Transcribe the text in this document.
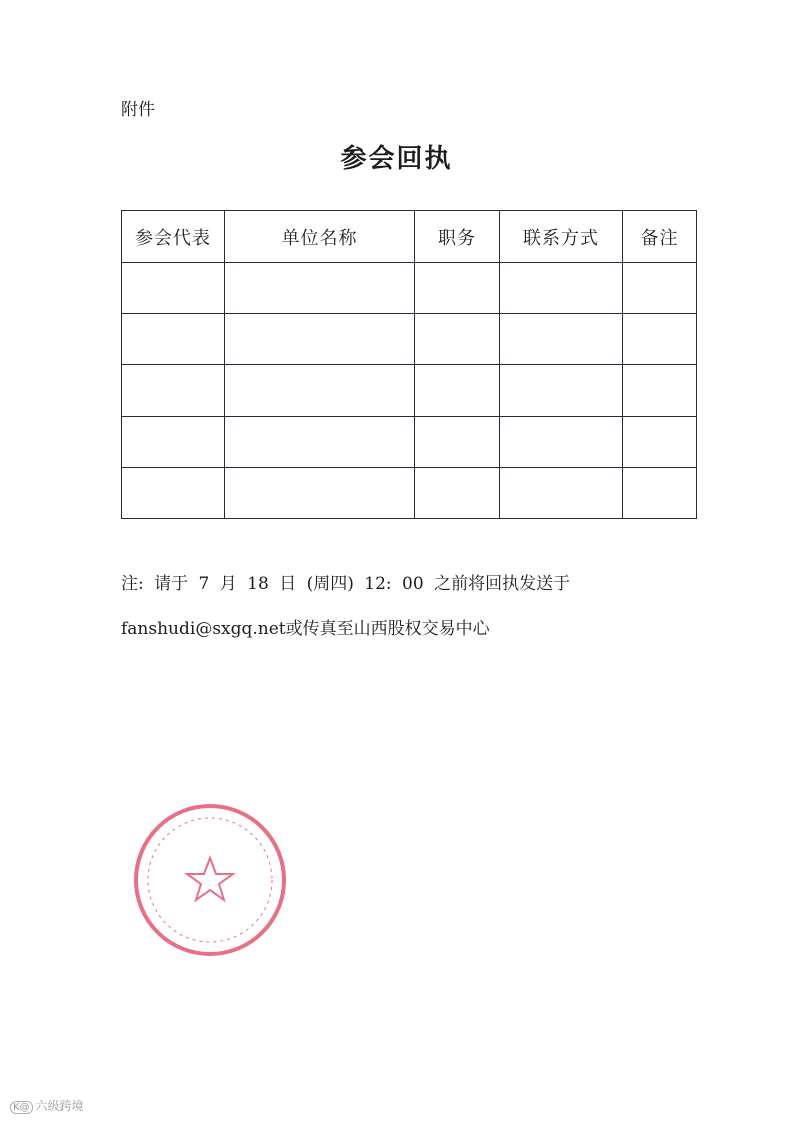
附件
参会回执
参会代表	单位名称	职务	联系方式	备注

注: 请于 7 月 18 日 (周四) 12: 00 之前将回执发送于
fanshudi@sxgq.net或传真至山西股权交易中心
K@ 六级跨境
